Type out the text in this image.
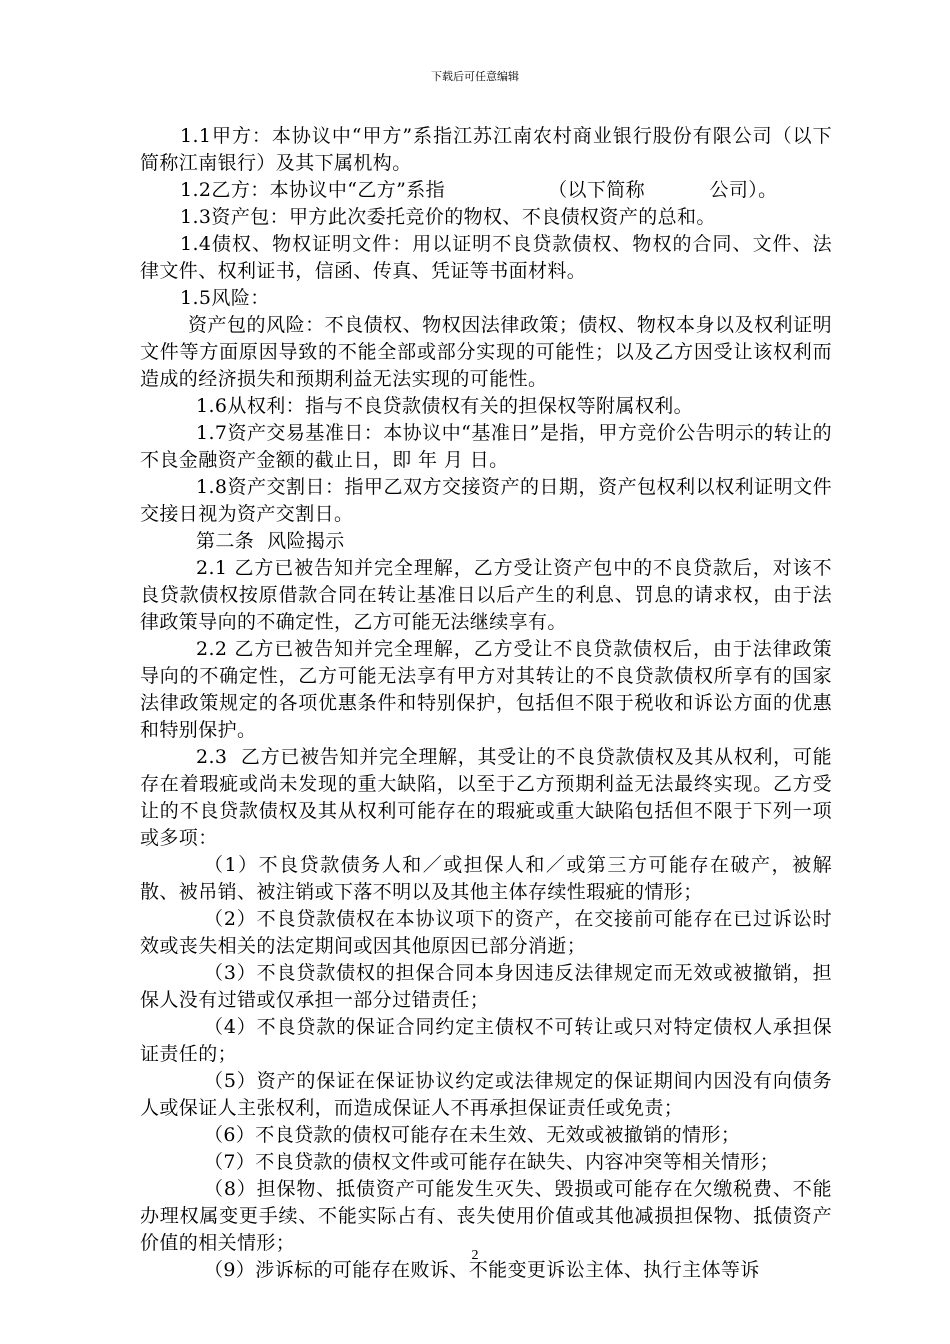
下载后可任意编辑

1.1甲方：本协议中“甲方”系指江苏江南农村商业银行股份有限公司（以下简称江南银行）及其下属机构。

1.2乙方：本协议中“乙方”系指                （以下简称          公司）。

1.3资产包：甲方此次委托竞价的物权、不良债权资产的总和。

1.4债权、物权证明文件：用以证明不良贷款债权、物权的合同、文件、法律文件、权利证书，信函、传真、凭证等书面材料。

1.5风险：

资产包的风险：不良债权、物权因法律政策；债权、物权本身以及权利证明文件等方面原因导致的不能全部或部分实现的可能性；以及乙方因受让该权利而造成的经济损失和预期利益无法实现的可能性。

1.6从权利：指与不良贷款债权有关的担保权等附属权利。

1.7资产交易基准日：本协议中“基准日”是指，甲方竞价公告明示的转让的不良金融资产金额的截止日，即 年 月 日。

1.8资产交割日：指甲乙双方交接资产的日期，资产包权利以权利证明文件交接日视为资产交割日。

第二条  风险揭示

2.1 乙方已被告知并完全理解，乙方受让资产包中的不良贷款后，对该不良贷款债权按原借款合同在转让基准日以后产生的利息、罚息的请求权，由于法律政策导向的不确定性，乙方可能无法继续享有。

2.2 乙方已被告知并完全理解，乙方受让不良贷款债权后，由于法律政策导向的不确定性，乙方可能无法享有甲方对其转让的不良贷款债权所享有的国家法律政策规定的各项优惠条件和特别保护，包括但不限于税收和诉讼方面的优惠和特别保护。

2.3  乙方已被告知并完全理解，其受让的不良贷款债权及其从权利，可能存在着瑕疵或尚未发现的重大缺陷，以至于乙方预期利益无法最终实现。乙方受让的不良贷款债权及其从权利可能存在的瑕疵或重大缺陷包括但不限于下列一项或多项：

（1）不良贷款债务人和／或担保人和／或第三方可能存在破产，被解散、被吊销、被注销或下落不明以及其他主体存续性瑕疵的情形；

（2）不良贷款债权在本协议项下的资产，在交接前可能存在已过诉讼时效或丧失相关的法定期间或因其他原因已部分消逝；

（3）不良贷款债权的担保合同本身因违反法律规定而无效或被撤销，担保人没有过错或仅承担一部分过错责任；

（4）不良贷款的保证合同约定主债权不可转让或只对特定债权人承担保证责任的；

（5）资产的保证在保证协议约定或法律规定的保证期间内因没有向债务人或保证人主张权利，而造成保证人不再承担保证责任或免责；

（6）不良贷款的债权可能存在未生效、无效或被撤销的情形；

（7）不良贷款的债权文件或可能存在缺失、内容冲突等相关情形；

（8）担保物、抵债资产可能发生灭失、毁损或可能存在欠缴税费、不能办理权属变更手续、不能实际占有、丧失使用价值或其他减损担保物、抵债资产价值的相关情形；

（9）涉诉标的可能存在败诉、不能变更诉讼主体、执行主体等诉

2
